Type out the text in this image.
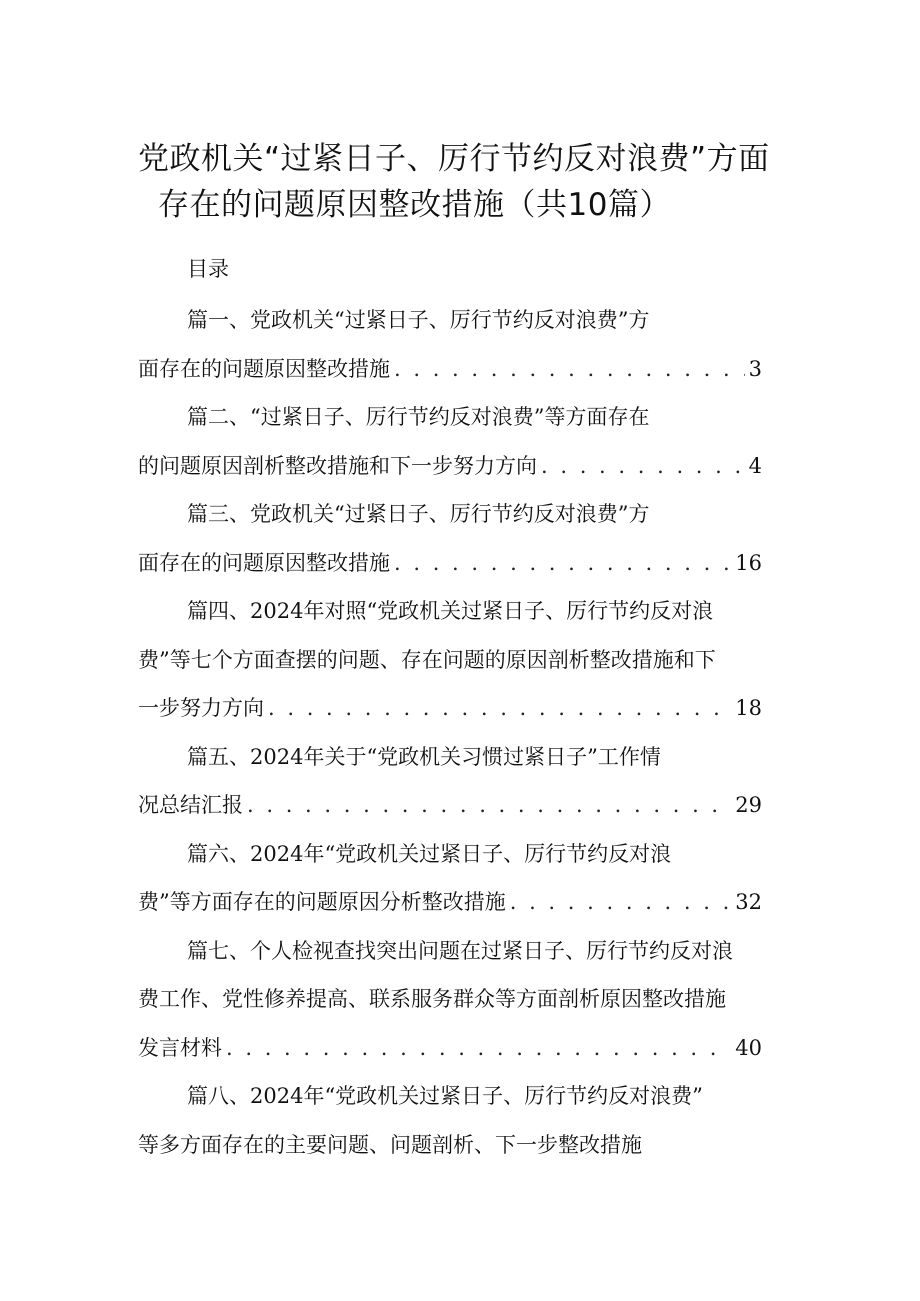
党政机关“过紧日子、厉行节约反对浪费”方面
存在的问题原因整改措施（共10篇）
目录
篇一、党政机关“过紧日子、厉行节约反对浪费”方
面存在的问题原因整改措施 . . .	3
篇二、“过紧日子、厉行节约反对浪费”等方面存在
的问题原因剖析整改措施和下一步努力方向 . . .	4
篇三、党政机关“过紧日子、厉行节约反对浪费”方
面存在的问题原因整改措施 . . .	16
篇四、2024年对照“党政机关过紧日子、厉行节约反对浪
费”等七个方面查摆的问题、存在问题的原因剖析整改措施和下
一步努力方向 . . .	18
篇五、2024年关于“党政机关习惯过紧日子”工作情
况总结汇报 . . .	29
篇六、2024年“党政机关过紧日子、厉行节约反对浪
费”等方面存在的问题原因分析整改措施 . . .	32
篇七、个人检视查找突出问题在过紧日子、厉行节约反对浪
费工作、党性修养提高、联系服务群众等方面剖析原因整改措施
发言材料 . . .	40
篇八、2024年“党政机关过紧日子、厉行节约反对浪费”
等多方面存在的主要问题、问题剖析、下一步整改措施
